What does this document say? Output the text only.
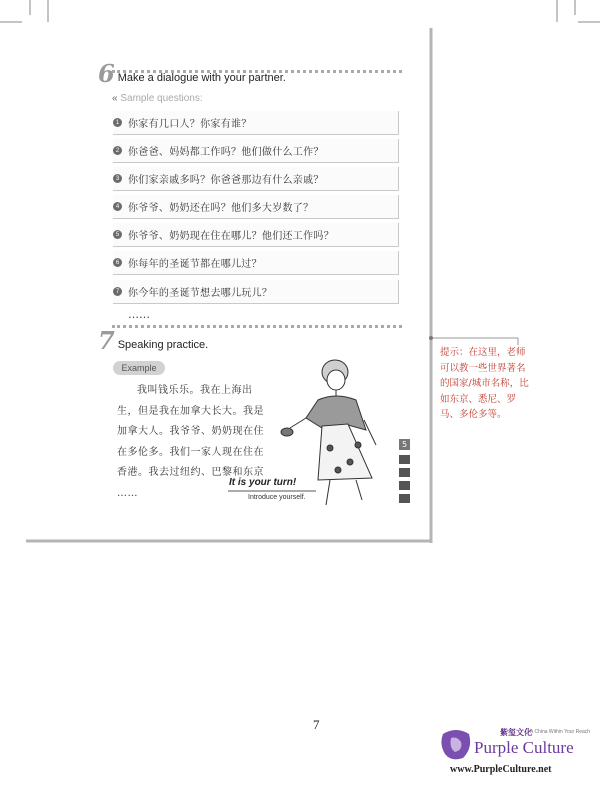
6 Make a dialogue with your partner.
« Sample questions:
1 你家有几口人？你家有谁？
2 你爸爸、妈妈都工作吗？他们做什么工作？
3 你们家亲戚多吗？你爸爸那边有什么亲戚？
4 你爷爷、奶奶还在吗？他们多大岁数了？
5 你爷爷、奶奶现在住在哪儿？他们还工作吗？
6 你每年的圣诞节都在哪儿过？
7 你今年的圣诞节想去哪儿玩儿？
……
7 Speaking practice.
Example
我叫钱乐乐。我在上海出生，但是我在加拿大长大。我是加拿大人。我爷爷、奶奶现在住在多伦多。我们一家人现在住在香港。我去过纽约、巴黎和东京 ……
It is your turn!
Introduce yourself.
5
提示：在这里，老师可以教一些世界著名的国家/城市名称，比如东京、悉尼、罗马、多伦多等。
7
紫玺文化
A China Within Your Reach
Purple Culture
www.PurpleCulture.net
